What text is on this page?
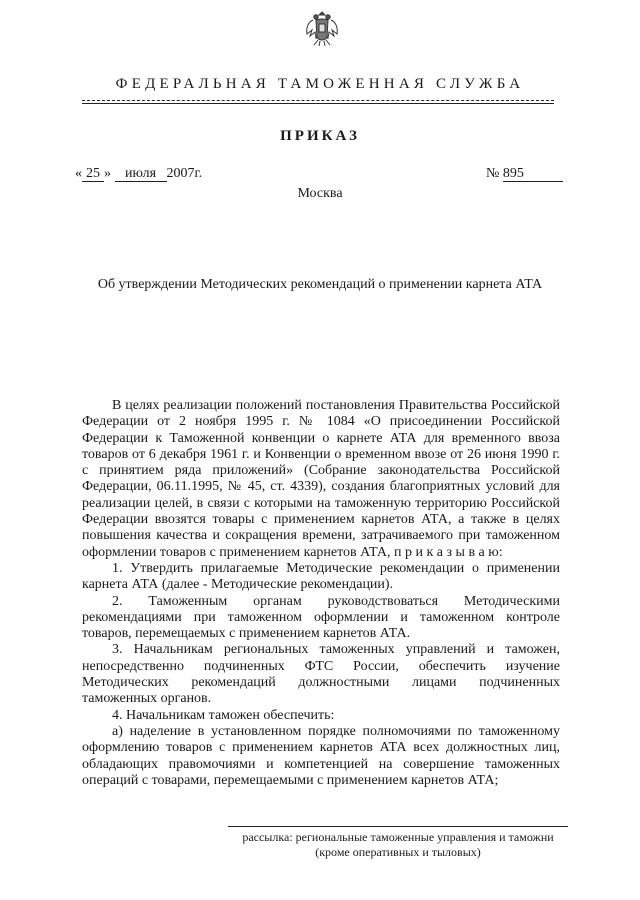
ФЕДЕРАЛЬНАЯ ТАМОЖЕННАЯ СЛУЖБА
ПРИКАЗ
« 25 » июля 2007г.	№ 895
Москва
Об утверждении Методических рекомендаций о применении карнета АТА

В целях реализации положений постановления Правительства Российской Федерации от 2 ноября 1995 г. № 1084 «О присоединении Российской Федерации к Таможенной конвенции о карнете АТА для временного ввоза товаров от 6 декабря 1961 г. и Конвенции о временном ввозе от 26 июня 1990 г. с принятием ряда приложений» (Собрание законодательства Российской Федерации, 06.11.1995, № 45, ст. 4339), создания благоприятных условий для реализации целей, в связи с которыми на таможенную территорию Российской Федерации ввозятся товары с применением карнетов АТА, а также в целях повышения качества и сокращения времени, затрачиваемого при таможенном оформлении товаров с применением карнетов АТА, п р и к а з ы в а ю:

1. Утвердить прилагаемые Методические рекомендации о применении карнета АТА (далее - Методические рекомендации).

2. Таможенным органам руководствоваться Методическими рекомендациями при таможенном оформлении и таможенном контроле товаров, перемещаемых с применением карнетов АТА.

3. Начальникам региональных таможенных управлений и таможен, непосредственно подчиненных ФТС России, обеспечить изучение Методических рекомендаций должностными лицами подчиненных таможенных органов.

4. Начальникам таможен обеспечить:

а) наделение в установленном порядке полномочиями по таможенному оформлению товаров с применением карнетов АТА всех должностных лиц, обладающих правомочиями и компетенцией на совершение таможенных операций с товарами, перемещаемыми с применением карнетов АТА;

рассылка: региональные таможенные управления и таможни
(кроме оперативных и тыловых)
